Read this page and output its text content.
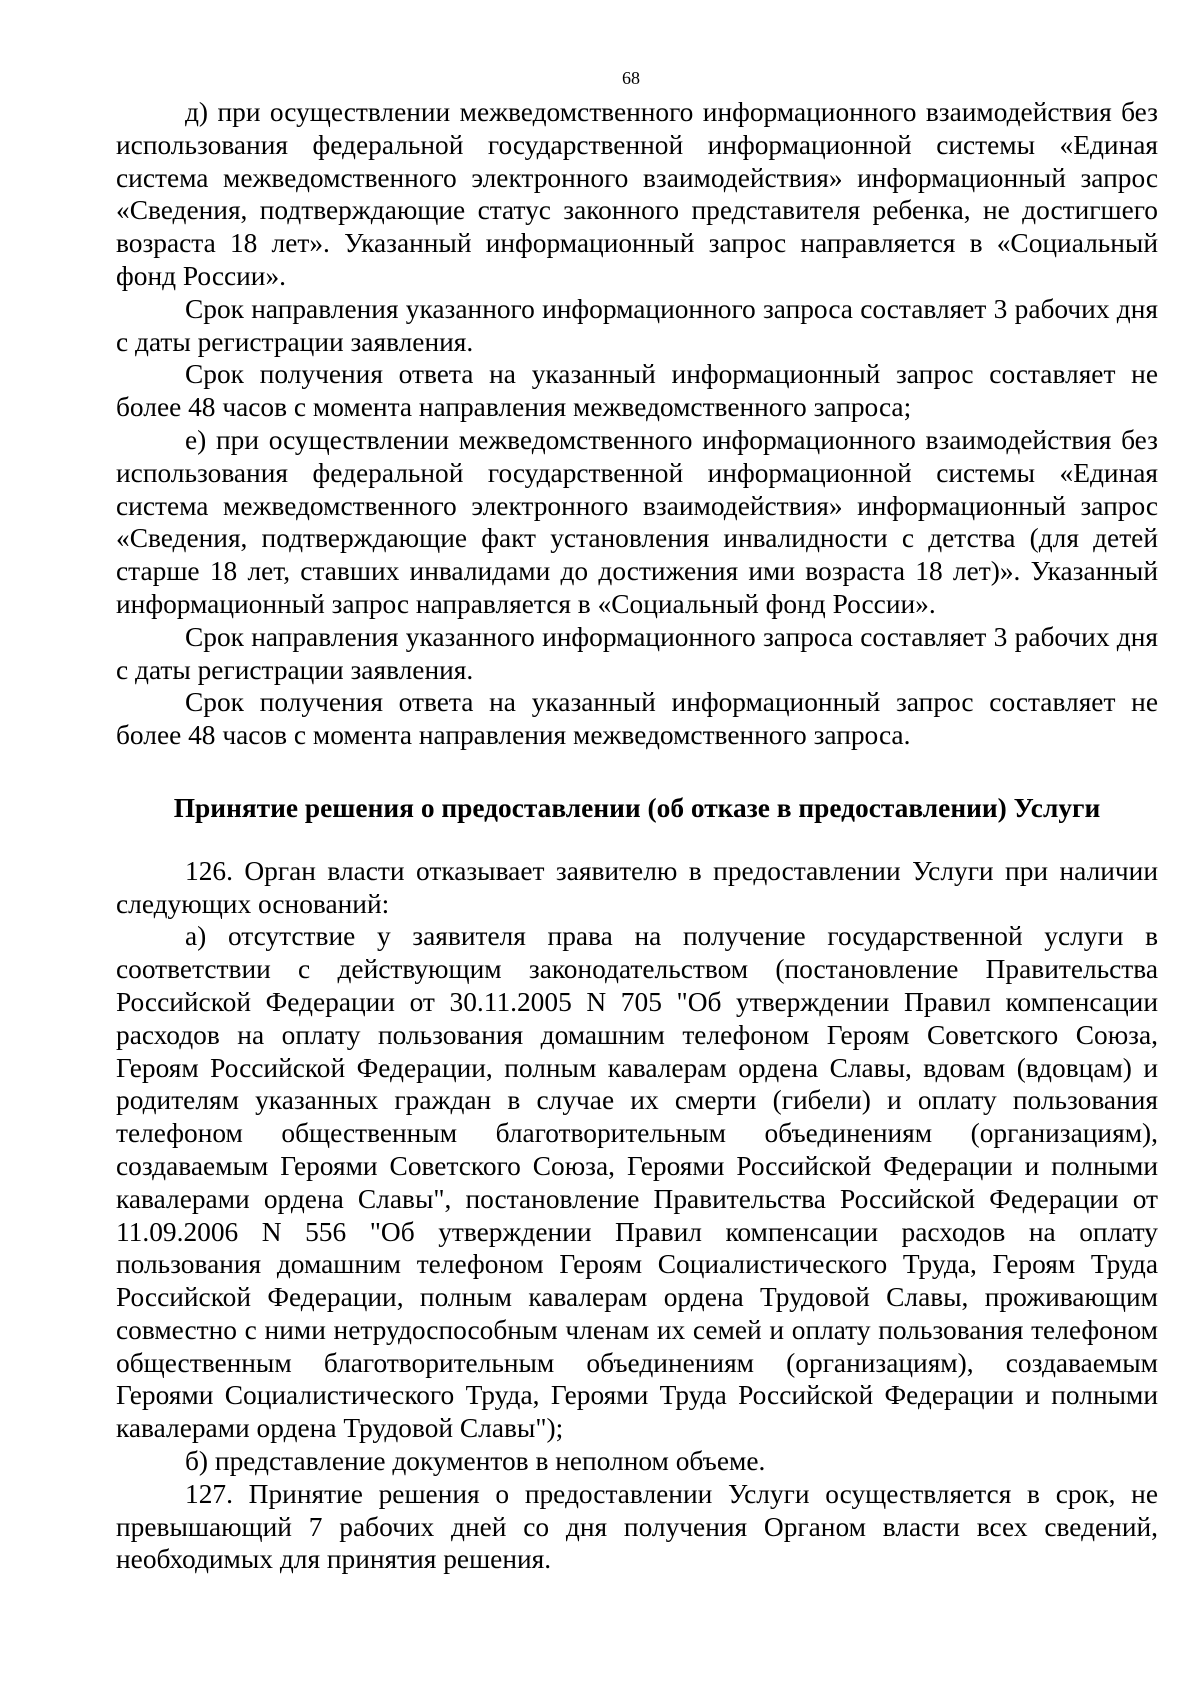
68

д) при осуществлении межведомственного информационного взаимодействия без использования федеральной государственной информационной системы «Единая система межведомственного электронного взаимодействия» информационный запрос «Сведения, подтверждающие статус законного представителя ребенка, не достигшего возраста 18 лет». Указанный информационный запрос направляется в «Социальный фонд России».

Срок направления указанного информационного запроса составляет 3 рабочих дня с даты регистрации заявления.

Срок получения ответа на указанный информационный запрос составляет не более 48 часов с момента направления межведомственного запроса;

е) при осуществлении межведомственного информационного взаимодействия без использования федеральной государственной информационной системы «Единая система межведомственного электронного взаимодействия» информационный запрос «Сведения, подтверждающие факт установления инвалидности с детства (для детей старше 18 лет, ставших инвалидами до достижения ими возраста 18 лет)». Указанный информационный запрос направляется в «Социальный фонд России».

Срок направления указанного информационного запроса составляет 3 рабочих дня с даты регистрации заявления.

Срок получения ответа на указанный информационный запрос составляет не более 48 часов с момента направления межведомственного запроса.

Принятие решения о предоставлении (об отказе в предоставлении) Услуги

126. Орган власти отказывает заявителю в предоставлении Услуги при наличии следующих оснований:

а) отсутствие у заявителя права на получение государственной услуги в соответствии с действующим законодательством (постановление Правительства Российской Федерации от 30.11.2005 N 705 "Об утверждении Правил компенсации расходов на оплату пользования домашним телефоном Героям Советского Союза, Героям Российской Федерации, полным кавалерам ордена Славы, вдовам (вдовцам) и родителям указанных граждан в случае их смерти (гибели) и оплату пользования телефоном общественным благотворительным объединениям (организациям), создаваемым Героями Советского Союза, Героями Российской Федерации и полными кавалерами ордена Славы", постановление Правительства Российской Федерации от 11.09.2006 N 556 "Об утверждении Правил компенсации расходов на оплату пользования домашним телефоном Героям Социалистического Труда, Героям Труда Российской Федерации, полным кавалерам ордена Трудовой Славы, проживающим совместно с ними нетрудоспособным членам их семей и оплату пользования телефоном общественным благотворительным объединениям (организациям), создаваемым Героями Социалистического Труда, Героями Труда Российской Федерации и полными кавалерами ордена Трудовой Славы");

б) представление документов в неполном объеме.

127. Принятие решения о предоставлении Услуги осуществляется в срок, не превышающий 7 рабочих дней со дня получения Органом власти всех сведений, необходимых для принятия решения.
